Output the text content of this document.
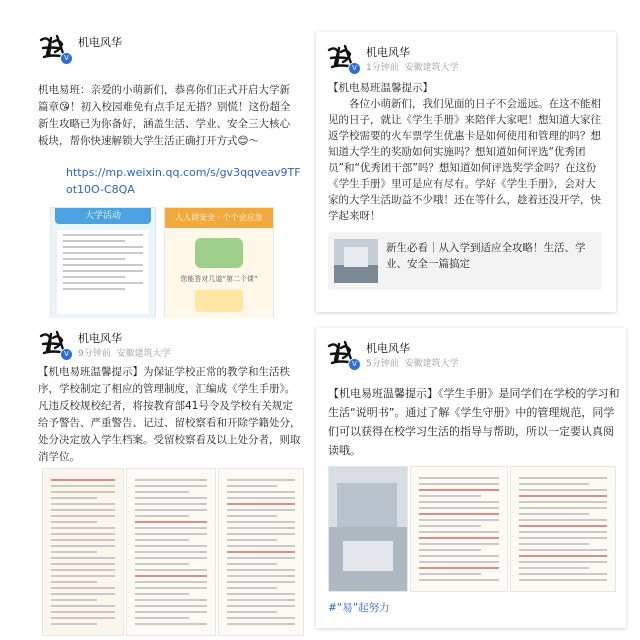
V
机电风华
机电易班：亲爱的小萌新们，恭喜你们正式开启大学新篇章😘！初入校园难免有点手足无措？别慌！这份超全新生攻略已为你备好，涵盖生活、学业、安全三大核心板块，帮你快速解锁大学生活正确打开方式😊～
https://mp.weixin.qq.com/s/gv3qqveav9TFot10O-C8QA
大学活动	人人讲安全 · 个个会应急
您能答对几道“第二个课”
V
机电风华
1分钟前 安徽建筑大学
【机电易班温馨提示】
各位小萌新们，我们见面的日子不会遥远。在这不能相见的日子，就让《学生手册》来陪伴大家吧！想知道大家往返学校需要的火车票学生优惠卡是如何使用和管理的吗？想知道大学生的奖励如何实施吗？想知道如何评选“优秀团员”和“优秀团干部”吗？想知道如何评选奖学金吗？在这份《学生手册》里可是应有尽有。学好《学生手册》，会对大家的大学生活助益不少哦！还在等什么，趁着还没开学，快学起来呀！
新生必看｜从入学到适应全攻略！生活、学业、安全一篇搞定
V
机电风华
9分钟前 安徽建筑大学
【机电易班温馨提示】为保证学校正常的教学和生活秩序，学校制定了相应的管理制度，汇编成《学生手册》。凡违反校规校纪者，将按教育部41号令及学校有关规定给予警告、严重警告、记过、留校察看和开除学籍处分，处分决定放入学生档案。受留校察看及以上处分者，则取消学位。
V
机电风华
5分钟前 安徽建筑大学
【机电易班温馨提示】《学生手册》是同学们在学校的学习和生活“说明书”。通过了解《学生守册》中的管理规范，同学们可以获得在校学习生活的指导与帮助，所以一定要认真阅读哦。
#“易”起努力
